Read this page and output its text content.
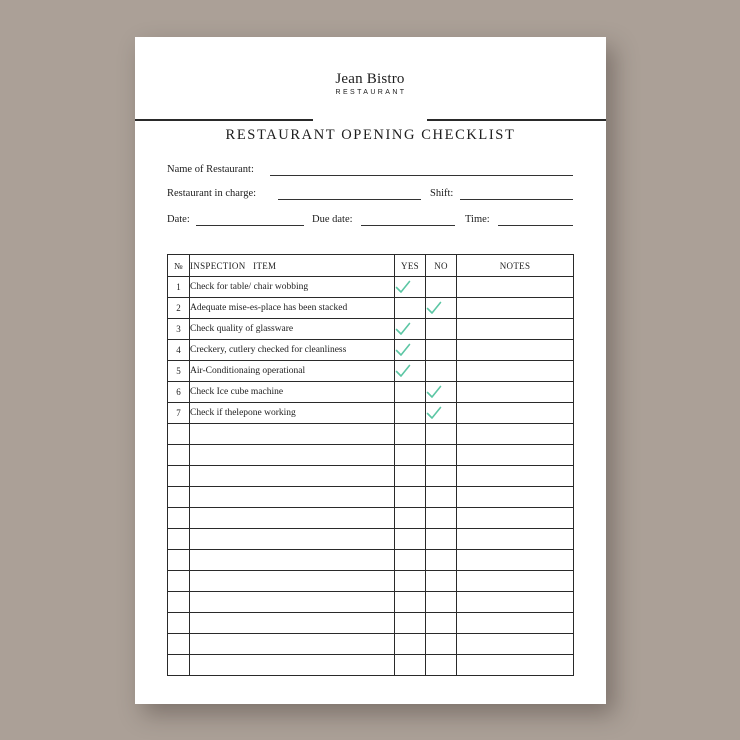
Jean Bistro
RESTAURANT
RESTAURANT OPENING CHECKLIST
Name of Restaurant:
Restaurant in charge:	Shift:
Date:	Due date:	Time:
№	INSPECTION   ITEM	YES	NO	NOTES
1	Check for table/ chair wobbing	

2	Adequate mise-es-place has been stacked		

3	Check quality of glassware	

4	Creckery, cutlery checked for cleanliness	

5	Air-Conditionaing operational	

6	Check Ice cube machine		

7	Check if thelepone working		
